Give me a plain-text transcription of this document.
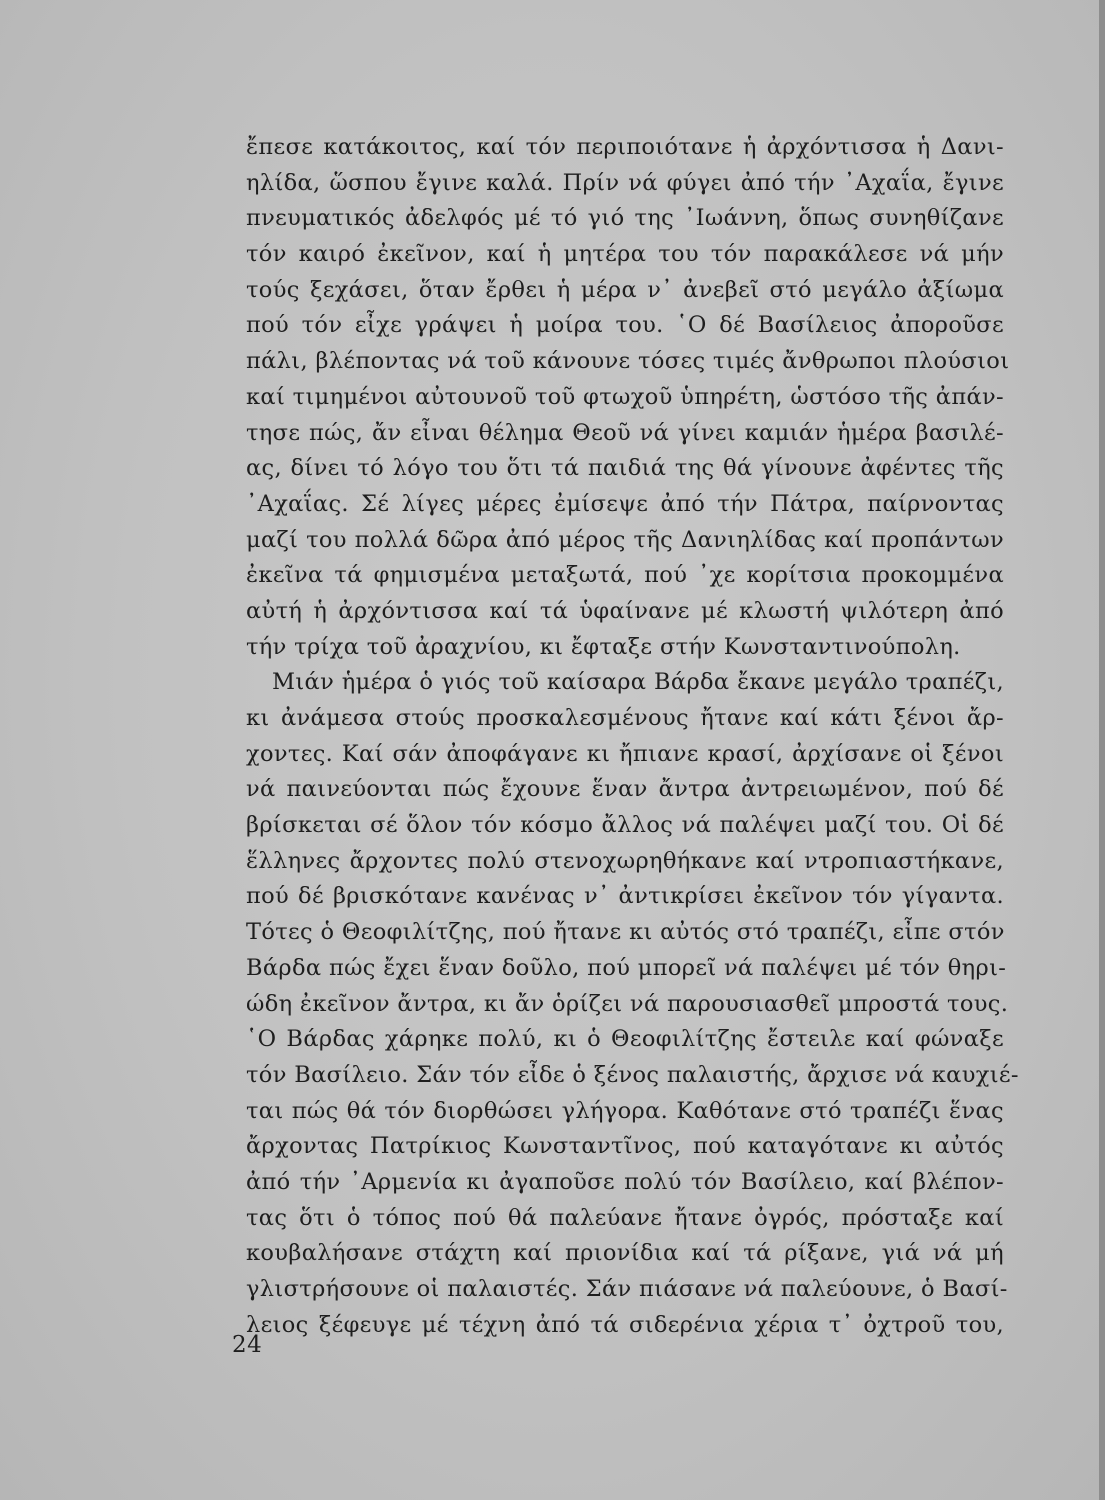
ἔπεσε κατάκοιτος, καί τόν περιποιότανε ἡ ἀρχόντισσα ἡ Δανι-
ηλίδα, ὥσπου ἔγινε καλά. Πρίν νά φύγει ἀπό τήν ᾿Αχαΐα, ἔγινε
πνευματικός ἀδελφός μέ τό γιό της ᾿Ιωάννη, ὅπως συνηθίζανε
τόν καιρό ἐκεῖνον, καί ἡ μητέρα του τόν παρακάλεσε νά μήν
τούς ξεχάσει, ὅταν ἔρθει ἡ μέρα ν᾿ ἀνεβεῖ στό μεγάλο ἀξίωμα
πού τόν εἶχε γράψει ἡ μοίρα του. ῾Ο δέ Βασίλειος ἀποροῦσε
πάλι, βλέποντας νά τοῦ κάνουνε τόσες τιμές ἄνθρωποι πλούσιοι
καί τιμημένοι αὐτουνοῦ τοῦ φτωχοῦ ὑπηρέτη, ὡστόσο τῆς ἀπάν-
τησε πώς, ἄν εἶναι θέλημα Θεοῦ νά γίνει καμιάν ἡμέρα βασιλέ-
ας, δίνει τό λόγο του ὅτι τά παιδιά της θά γίνουνε ἀφέντες τῆς
᾿Αχαΐας. Σέ λίγες μέρες ἐμίσεψε ἀπό τήν Πάτρα, παίρνοντας
μαζί του πολλά δῶρα ἀπό μέρος τῆς Δανιηλίδας καί προπάντων
ἐκεῖνα τά φημισμένα μεταξωτά, πού ᾿χε κορίτσια προκομμένα
αὐτή ἡ ἀρχόντισσα καί τά ὑφαίνανε μέ κλωστή ψιλότερη ἀπό
τήν τρίχα τοῦ ἀραχνίου, κι ἔφταξε στήν Κωνσταντινούπολη.
Μιάν ἡμέρα ὁ γιός τοῦ καίσαρα Βάρδα ἔκανε μεγάλο τραπέζι,
κι ἀνάμεσα στούς προσκαλεσμένους ἤτανε καί κάτι ξένοι ἄρ-
χοντες. Καί σάν ἀποφάγανε κι ἤπιανε κρασί, ἀρχίσανε οἱ ξένοι
νά παινεύονται πώς ἔχουνε ἕναν ἄντρα ἀντρειωμένον, πού δέ
βρίσκεται σέ ὅλον τόν κόσμο ἄλλος νά παλέψει μαζί του. Οἱ δέ
ἕλληνες ἄρχοντες πολύ στενοχωρηθήκανε καί ντροπιαστήκανε,
πού δέ βρισκότανε κανένας ν᾿ ἀντικρίσει ἐκεῖνον τόν γίγαντα.
Τότες ὁ Θεοφιλίτζης, πού ἤτανε κι αὐτός στό τραπέζι, εἶπε στόν
Βάρδα πώς ἔχει ἕναν δοῦλο, πού μπορεῖ νά παλέψει μέ τόν θηρι-
ώδη ἐκεῖνον ἄντρα, κι ἄν ὁρίζει νά παρουσιασθεῖ μπροστά τους.
῾Ο Βάρδας χάρηκε πολύ, κι ὁ Θεοφιλίτζης ἔστειλε καί φώναξε
τόν Βασίλειο. Σάν τόν εἶδε ὁ ξένος παλαιστής, ἄρχισε νά καυχιέ-
ται πώς θά τόν διορθώσει γλήγορα. Καθότανε στό τραπέζι ἕνας
ἄρχοντας Πατρίκιος Κωνσταντῖνος, πού καταγότανε κι αὐτός
ἀπό τήν ᾿Αρμενία κι ἀγαποῦσε πολύ τόν Βασίλειο, καί βλέπον-
τας ὅτι ὁ τόπος πού θά παλεύανε ἤτανε ὀγρός, πρόσταξε καί
κουβαλήσανε στάχτη καί πριονίδια καί τά ρίξανε, γιά νά μή
γλιστρήσουνε οἱ παλαιστές. Σάν πιάσανε νά παλεύουνε, ὁ Βασί-
λειος ξέφευγε μέ τέχνη ἀπό τά σιδερένια χέρια τ᾿ ὀχτροῦ του,
24
